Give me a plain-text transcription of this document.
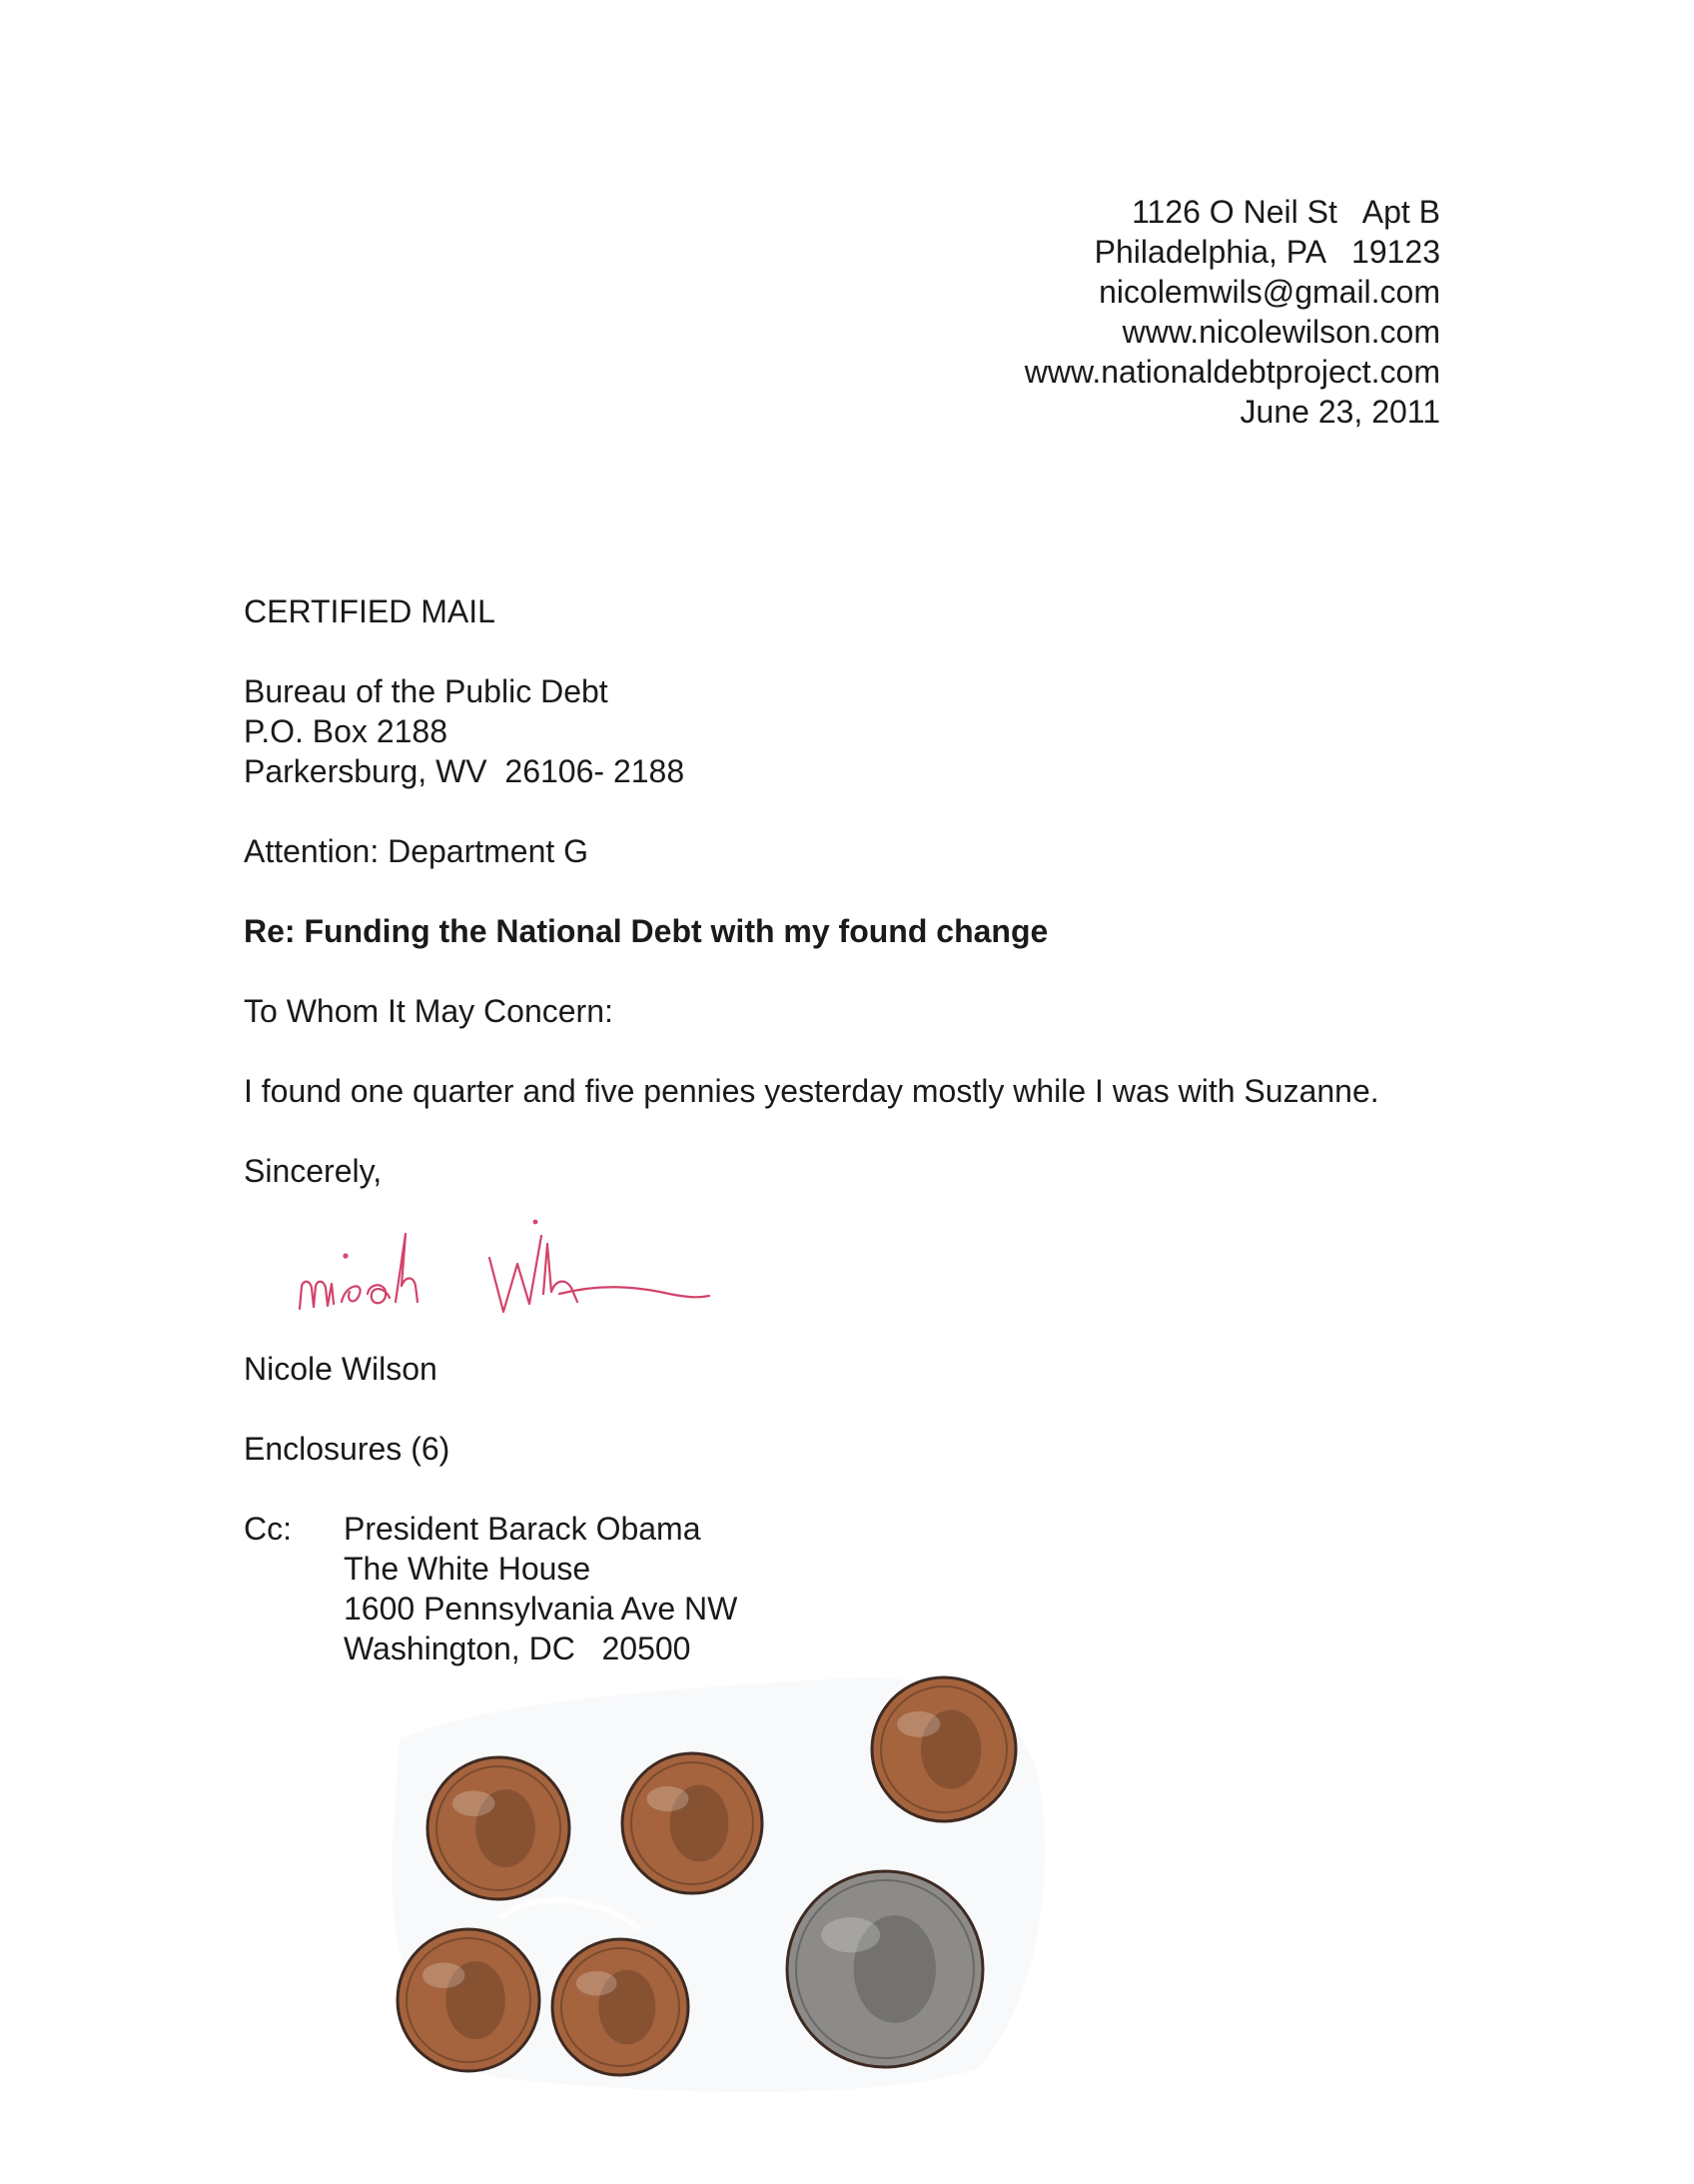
1126 O Neil St   Apt B
Philadelphia, PA   19123
nicolemwils@gmail.com
www.nicolewilson.com
www.nationaldebtproject.com
June 23, 2011
CERTIFIED MAIL
Bureau of the Public Debt
P.O. Box 2188
Parkersburg, WV  26106- 2188
Attention: Department G
Re: Funding the National Debt with my found change
To Whom It May Concern:
I found one quarter and five pennies yesterday mostly while I was with Suzanne.
Sincerely,
Nicole Wilson
Enclosures (6)
Cc: President Barack Obama
The White House
1600 Pennsylvania Ave NW
Washington, DC   20500
